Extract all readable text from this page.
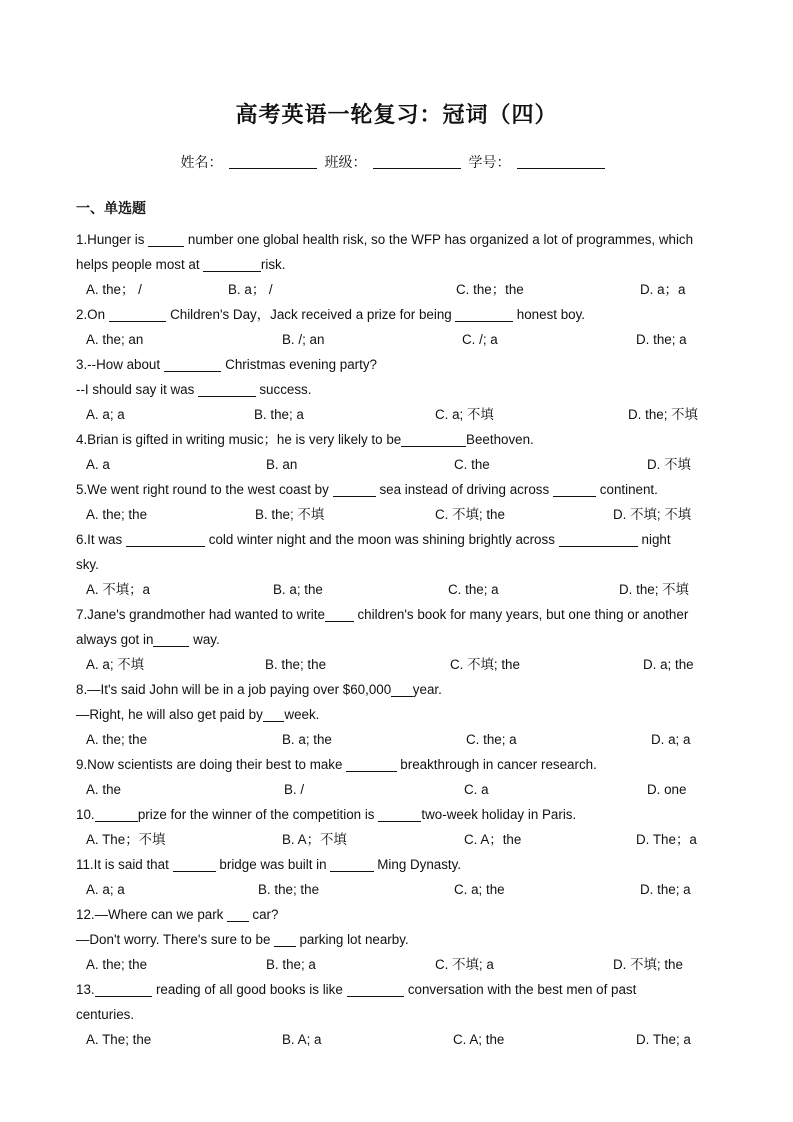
高考英语一轮复习：冠词（四）
姓名：	班级：	学号：
一、单选题
1.Hunger is	number one global health risk, so the WFP has organized a lot of programmes, which
helps people most at	risk.
A. the； /	B. a； /	C. the；the	D. a；a
2.On	Children's Day，Jack received a prize for being	honest boy.
A. the; an	B. /; an	C. /; a	D. the; a
3.--How about	Christmas evening party?
--I should say it was	success.
A. a; a	B. the; a	C. a; 不填	D. the; 不填
4.Brian is gifted in writing music；he is very likely to be	Beethoven.
A. a	B. an	C. the	D. 不填
5.We went right round to the west coast by	sea instead of driving across	continent.
A. the; the	B. the; 不填	C. 不填; the	D. 不填; 不填
6.It was	cold winter night and the moon was shining brightly across	night
sky.
A. 不填；a	B. a; the	C. the; a	D. the; 不填
7.Jane's grandmother had wanted to write children's book for many years, but one thing or another
always got in	way.
A. a; 不填	B. the; the	C. 不填; the	D. a; the
8.—It's said John will be in a job paying over $60,000 year.
—Right, he will also get paid by week.
A. the; the	B. a; the	C. the; a	D. a; a
9.Now scientists are doing their best to make	breakthrough in cancer research.
A. the	B. /	C. a	D. one
10.	prize for the winner of the competition is	two-week holiday in Paris.
A. The；不填	B. A；不填	C. A；the	D. The；a
11.It is said that	bridge was built in	Ming Dynasty.
A. a; a	B. the; the	C. a; the	D. the; a
12.—Where can we park  car?
—Don't worry. There's sure to be  parking lot nearby.
A. the; the	B. the; a	C. 不填; a	D. 不填; the
13.	reading of all good books is like	conversation with the best men of past
centuries.
A. The; the	B. A; a	C. A; the	D. The; a
